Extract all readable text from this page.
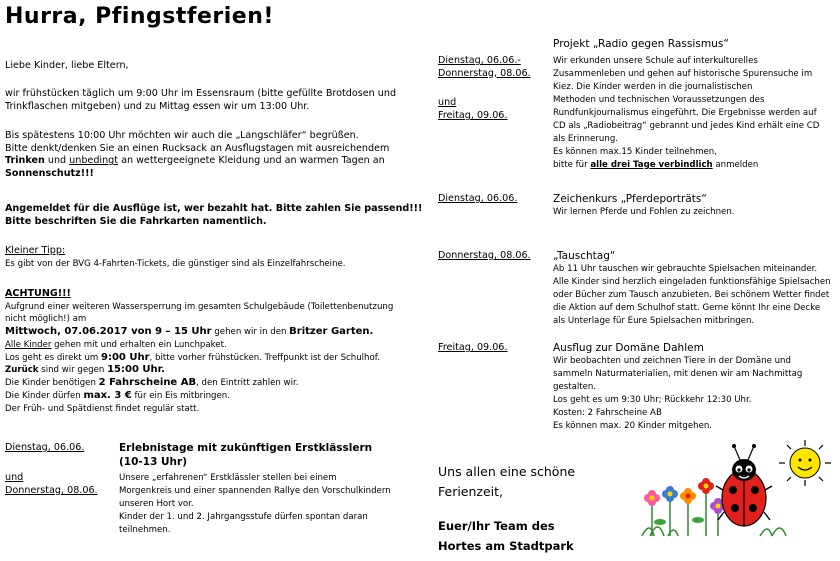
Hurra, Pfingstferien!
Liebe Kinder, liebe Eltern,
wir frühstücken täglich um 9:00 Uhr im Essensraum (bitte gefüllte Brotdosen und
Trinkflaschen mitgeben) und zu Mittag essen wir um 13:00 Uhr.
Bis spätestens 10:00 Uhr möchten wir auch die „Langschläfer“ begrüßen.
Bitte denkt/denken Sie an einen Rucksack an Ausflugstagen mit ausreichendem
Trinken und unbedingt an wettergeeignete Kleidung und an warmen Tagen an
Sonnenschutz!!!
Angemeldet für die Ausflüge ist, wer bezahlt hat. Bitte zahlen Sie passend!!!
Bitte beschriften Sie die Fahrkarten namentlich.
Kleiner Tipp:
Es gibt von der BVG 4-Fahrten-Tickets, die günstiger sind als Einzelfahrscheine.
ACHTUNG!!!
Aufgrund einer weiteren Wassersperrung im gesamten Schulgebäude (Toilettenbenutzung
nicht möglich!) am
Mittwoch, 07.06.2017 von 9 – 15 Uhr gehen wir in den Britzer Garten.
Alle Kinder gehen mit und erhalten ein Lunchpaket.
Los geht es direkt um 9:00 Uhr, bitte vorher frühstücken. Treffpunkt ist der Schulhof.
Zurück sind wir gegen 15:00 Uhr.
Die Kinder benötigen 2 Fahrscheine AB, den Eintritt zahlen wir.
Die Kinder dürfen max. 3 € für ein Eis mitbringen.
Der Früh- und Spätdienst findet regulär statt.
Dienstag, 06.06.
und
Donnerstag, 08.06.
Erlebnistage mit zukünftigen Erstklässlern
(10-13 Uhr)
Unsere „erfahrenen“ Erstklässler stellen bei einem
Morgenkreis und einer spannenden Rallye den Vorschulkindern
unseren Hort vor.
Kinder der 1. und 2. Jahrgangsstufe dürfen spontan daran
teilnehmen.
Dienstag, 06.06.-
Donnerstag, 08.06.
und
Freitag, 09.06.
Projekt „Radio gegen Rassismus“
Wir erkunden unsere Schule auf interkulturelles
Zusammenleben und gehen auf historische Spurensuche im
Kiez. Die Kinder werden in die journalistischen
Methoden und technischen Voraussetzungen des
Rundfunkjournalismus eingeführt. Die Ergebnisse werden auf
CD als „Radiobeitrag“ gebrannt und jedes Kind erhält eine CD
als Erinnerung.
Es können max.15 Kinder teilnehmen,
bitte für alle drei Tage verbindlich anmelden
Dienstag, 06.06.	Zeichenkurs „Pferdeporträts“
Wir lernen Pferde und Fohlen zu zeichnen.
Donnerstag, 08.06. „Tauschtag“
Ab 11 Uhr tauschen wir gebrauchte Spielsachen miteinander.
Alle Kinder sind herzlich eingeladen funktionsfähige Spielsachen
oder Bücher zum Tausch anzubieten. Bei schönem Wetter findet
die Aktion auf dem Schulhof statt. Gerne könnt Ihr eine Decke
als Unterlage für Eure Spielsachen mitbringen.
Freitag, 09.06.	Ausflug zur Domäne Dahlem
Wir beobachten und zeichnen Tiere in der Domäne und
sammeln Naturmaterialien, mit denen wir am Nachmittag
gestalten.
Los geht es um 9:30 Uhr; Rückkehr 12:30 Uhr.
Kosten: 2 Fahrscheine AB
Es können max. 20 Kinder mitgehen.
Uns allen eine schöne
Ferienzeit,
Euer/Ihr Team des
Hortes am Stadtpark
